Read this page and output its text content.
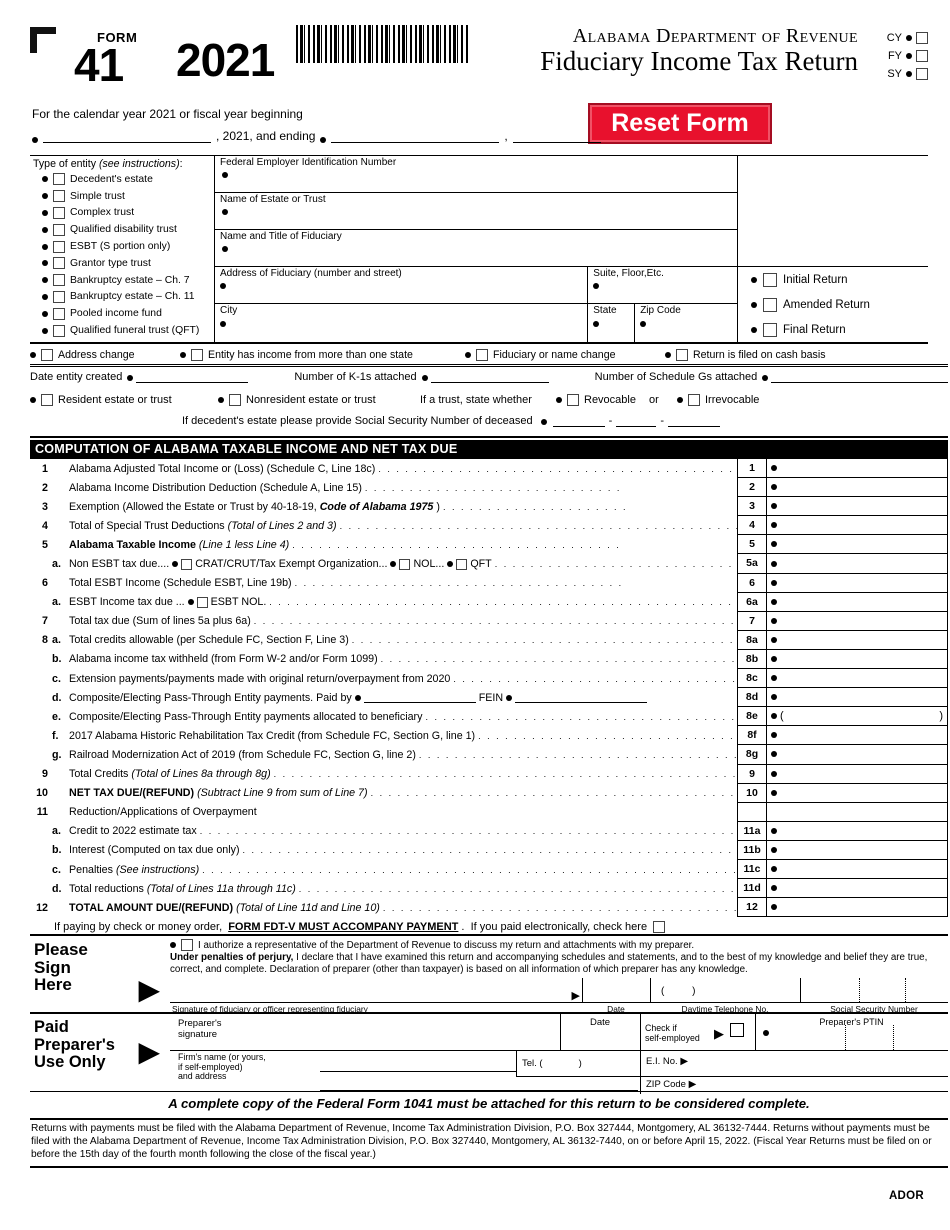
FORM
41 2021	Alabama Department of Revenue
Fiduciary Income Tax Return
CY
FY
SY
For the calendar year 2021 or fiscal year beginning	Reset Form
, 2021, and ending	,
Type of entity (see instructions):
Decedent's estate
Simple trust
Complex trust
Qualified disability trust
ESBT (S portion only)
Grantor type trust
Bankruptcy estate – Ch. 7
Bankruptcy estate – Ch. 11
Pooled income fund
Qualified funeral trust (QFT)
Federal Employer Identification Number
Name of Estate or Trust
Name and Title of Fiduciary
Address of Fiduciary (number and street)	Suite, Floor,Etc.
City	State	Zip Code
Initial Return
Amended Return
Final Return
Address change	Entity has income from more than one state	Fiduciary or name change	Return is filed on cash basis
Date entity created	Number of K-1s attached	Number of Schedule Gs attached
Resident estate or trust	Nonresident estate or trust	If a trust, state whether	Revocable or	Irrevocable
If decedent's estate please provide Social Security Number of deceased	-	-
COMPUTATION OF ALABAMA TAXABLE INCOME AND NET TAX DUE
1	Alabama Adjusted Total Income or (Loss) (Schedule C, Line 18c) . . .	1
2	Alabama Income Distribution Deduction (Schedule A, Line 15) . . .	2
3	Exemption (Allowed the Estate or Trust by 40-18-19, Code of Alabama 1975 ) . . .	3
4	Total of Special Trust Deductions (Total of Lines 2 and 3) . . .	4
5	Alabama Taxable Income (Line 1 less Line 4) . . .	5
a. Non ESBT tax due.... CRAT/CRUT/Tax Exempt Organization... NOL... QFT . . .	5a
6	Total ESBT Income (Schedule ESBT, Line 19b) . . .	6
a. ESBT Income tax due ... ESBT NOL. . . .	6a
7	Total tax due (Sum of lines 5a plus 6a) . . .	7
8 a. Total credits allowable (per Schedule FC, Section F, Line 3) . . .	8a
b. Alabama income tax withheld (from Form W-2 and/or Form 1099) . . .	8b
c. Extension payments/payments made with original return/overpayment from 2020 . . .	8c
d. Composite/Electing Pass-Through Entity payments. Paid by	FEIN	8d
e. Composite/Electing Pass-Through Entity payments allocated to beneficiary . . .	8e	(	)
f. 2017 Alabama Historic Rehabilitation Tax Credit (from Schedule FC, Section G, line 1) . . .	8f
g. Railroad Modernization Act of 2019 (from Schedule FC, Section G, line 2) . . .	8g
9	Total Credits (Total of Lines 8a through 8g) . . .	9
10	NET TAX DUE/(REFUND) (Subtract Line 9 from sum of Line 7) . . .	10
11	Reduction/Applications of Overpayment
a. Credit to 2022 estimate tax . . .	11a
b. Interest (Computed on tax due only) . . .	11b
c. Penalties (See instructions) . . .	11c
d. Total reductions (Total of Lines 11a through 11c) . . .	11d
12	TOTAL AMOUNT DUE/(REFUND) (Total of Line 11d and Line 10) . . .	12
If paying by check or money order, FORM FDT-V MUST ACCOMPANY PAYMENT .  If you paid electronically, check here
Please
Sign
Here	▶
I authorize a representative of the Department of Revenue to discuss my return and attachments with my preparer.
Under penalties of perjury, I declare that I have examined this return and accompanying schedules and statements, and to the best of my knowledge and belief they are true, correct, and complete. Declaration of preparer (other than taxpayer) is based on all information of which preparer has any knowledge.
▶	(          )
Signature of fiduciary or officer representing fiduciary	Date	Daytime Telephone No.	Social Security Number
Paid
Preparer's
Use Only	▶
Preparer's
signature
Date	Check if
self-employed ▶
Preparer's PTIN
Firm's name (or yours,
if self-employed)
and address
Tel. (	)	E.I. No. ▶
ZIP Code ▶
A complete copy of the Federal Form 1041 must be attached for this return to be considered complete.
Returns with payments must be filed with the Alabama Department of Revenue, Income Tax Administration Division, P.O. Box 327444, Montgomery, AL 36132-7444. Returns without payments must be filed with the Alabama Department of Revenue, Income Tax Administration Division, P.O. Box 327440, Montgomery, AL 36132-7440, on or before April 15, 2022. (Fiscal Year Returns must be filed on or before the 15th day of the fourth month following the close of the fiscal year.)
ADOR
